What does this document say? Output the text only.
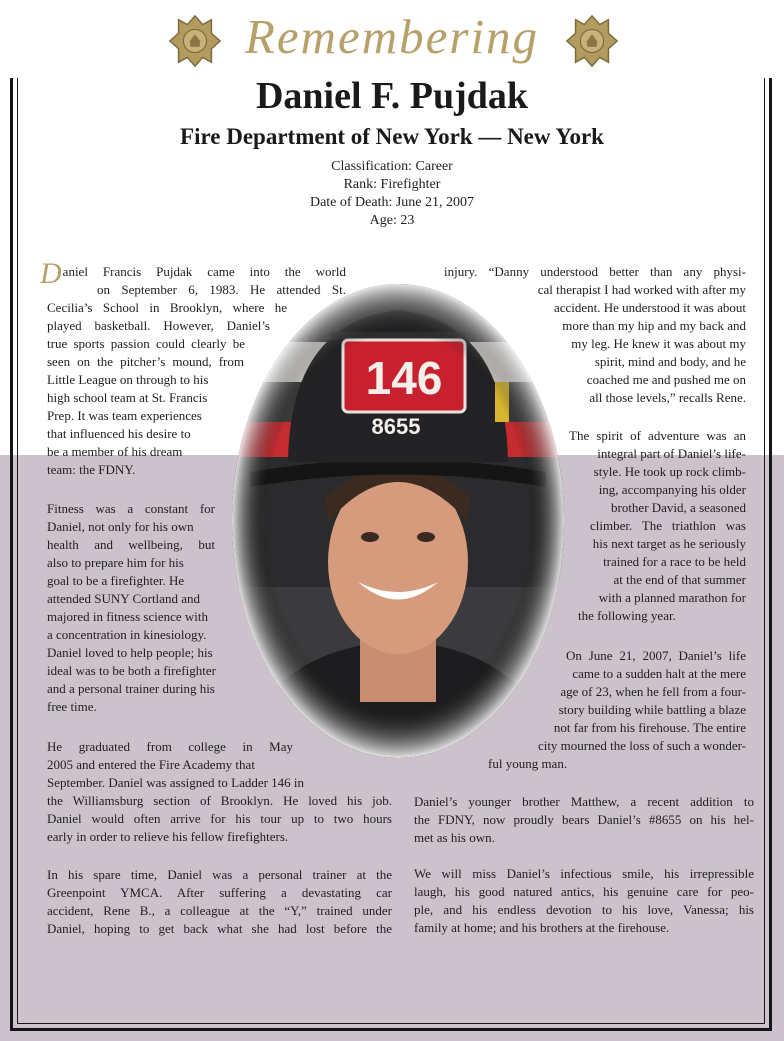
Remembering
Daniel F. Pujdak
Fire Department of New York — New York
Classification: Career
Rank: Firefighter
Date of Death: June 21, 2007
Age: 23
Daniel Francis Pujdak came into the world
on September 6, 1983. He attended St.
Cecilia’s School in Brooklyn, where he
played basketball. However, Daniel’s
true sports passion could clearly be
seen on the pitcher’s mound, from
Little League on through to his
high school team at St. Francis
Prep. It was team experiences
that influenced his desire to
be a member of his dream
team: the FDNY.
Fitness was a constant for
Daniel, not only for his own
health and wellbeing, but
also to prepare him for his
goal to be a firefighter. He
attended SUNY Cortland and
majored in fitness science with
a concentration in kinesiology.
Daniel loved to help people; his
ideal was to be both a firefighter
and a personal trainer during his
free time.
He graduated from college in May
2005 and entered the Fire Academy that
September. Daniel was assigned to Ladder 146 in
the Williamsburg section of Brooklyn. He loved his job.
Daniel would often arrive for his tour up to two hours
early in order to relieve his fellow firefighters.
In his spare time, Daniel was a personal trainer at the
Greenpoint YMCA. After suffering a devastating car
accident, Rene B., a colleague at the “Y,” trained under
Daniel, hoping to get back what she had lost before the
injury. “Danny understood better than any physi-
cal therapist I had worked with after my
accident. He understood it was about
more than my hip and my back and
my leg. He knew it was about my
spirit, mind and body, and he
coached me and pushed me on
all those levels,” recalls Rene.
The spirit of adventure was an
integral part of Daniel’s life-
style. He took up rock climb-
ing, accompanying his older
brother David, a seasoned
climber. The triathlon was
his next target as he seriously
trained for a race to be held
at the end of that summer
with a planned marathon for
the following year.
On June 21, 2007, Daniel’s life
came to a sudden halt at the mere
age of 23, when he fell from a four-
story building while battling a blaze
not far from his firehouse. The entire
city mourned the loss of such a wonder-
ful young man.
Daniel’s younger brother Matthew, a recent addition to
the FDNY, now proudly bears Daniel’s #8655 on his hel-
met as his own.
We will miss Daniel’s infectious smile, his irrepressible
laugh, his good natured antics, his genuine care for peo-
ple, and his endless devotion to his love, Vanessa; his
family at home; and his brothers at the firehouse.
